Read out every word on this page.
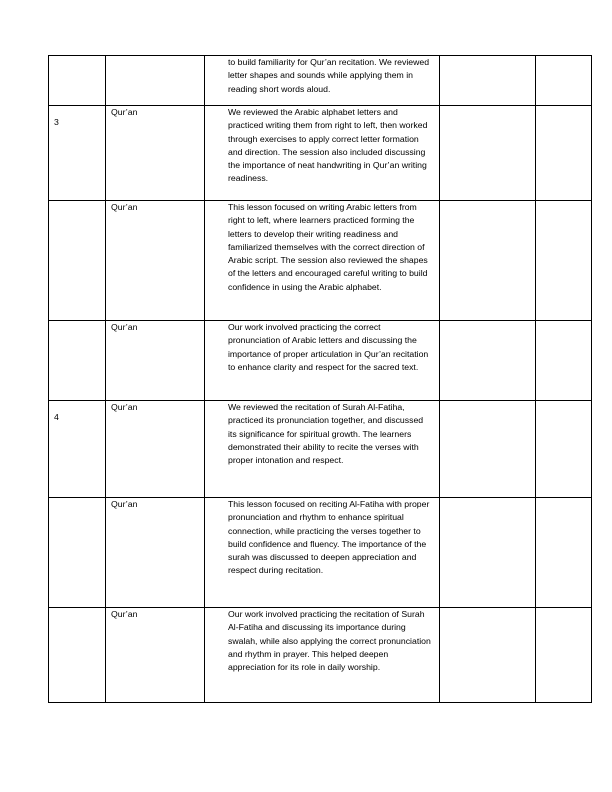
		to build familiarity for Qur’an recitation. We reviewed letter shapes and sounds while applying them in reading short words aloud.		

3	Qur’an	We reviewed the Arabic alphabet letters and practiced writing them from right to left, then worked through exercises to apply correct letter formation and direction. The session also included discussing the importance of neat handwriting in Qur’an writing readiness.		

	Qur’an	This lesson focused on writing Arabic letters from right to left, where learners practiced forming the letters to develop their writing readiness and familiarized themselves with the correct direction of Arabic script. The session also reviewed the shapes of the letters and encouraged careful writing to build confidence in using the Arabic alphabet.		

	Qur’an	Our work involved practicing the correct pronunciation of Arabic letters and discussing the importance of proper articulation in Qur’an recitation to enhance clarity and respect for the sacred text.		

4	Qur’an	We reviewed the recitation of Surah Al-Fatiha, practiced its pronunciation together, and discussed its significance for spiritual growth. The learners demonstrated their ability to recite the verses with proper intonation and respect.		

	Qur’an	This lesson focused on reciting Al-Fatiha with proper pronunciation and rhythm to enhance spiritual connection, while practicing the verses together to build confidence and fluency. The importance of the surah was discussed to deepen appreciation and respect during recitation.		

	Qur’an	Our work involved practicing the recitation of Surah Al-Fatiha and discussing its importance during swalah, while also applying the correct pronunciation and rhythm in prayer. This helped deepen appreciation for its role in daily worship.		
